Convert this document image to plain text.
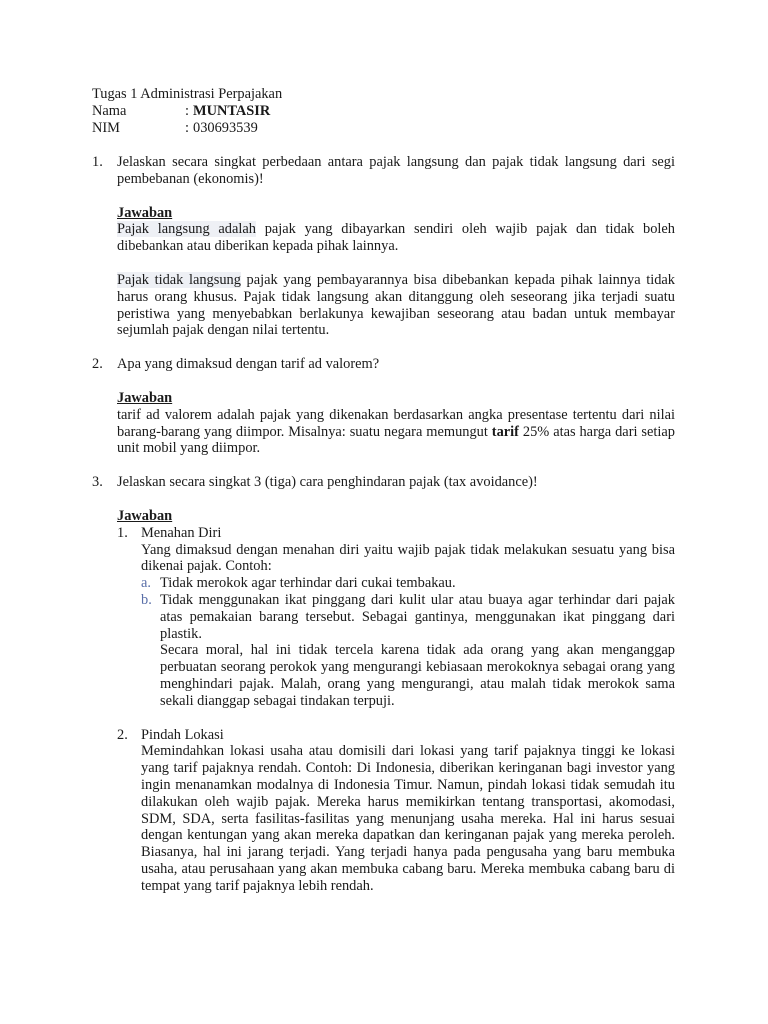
Tugas 1 Administrasi Perpajakan
Nama	: MUNTASIR
NIM	: 030693539
1. Jelaskan secara singkat perbedaan antara pajak langsung dan pajak tidak langsung dari segi pembebanan (ekonomis)!

Jawaban

Pajak langsung adalah pajak yang dibayarkan sendiri oleh wajib pajak dan tidak boleh dibebankan atau diberikan kepada pihak lainnya.

Pajak tidak langsung pajak yang pembayarannya bisa dibebankan kepada pihak lainnya tidak harus orang khusus. Pajak tidak langsung akan ditanggung oleh seseorang jika terjadi suatu peristiwa yang menyebabkan berlakunya kewajiban seseorang atau badan untuk membayar sejumlah pajak dengan nilai tertentu.

2. Apa yang dimaksud dengan tarif ad valorem?

Jawaban

tarif ad valorem adalah pajak yang dikenakan berdasarkan angka presentase tertentu dari nilai barang-barang yang diimpor. Misalnya: suatu negara memungut tarif 25% atas harga dari setiap unit mobil yang diimpor.

3. Jelaskan secara singkat 3 (tiga) cara penghindaran pajak (tax avoidance)!

Jawaban
1. Menahan Diri

Yang dimaksud dengan menahan diri yaitu wajib pajak tidak melakukan sesuatu yang bisa dikenai pajak. Contoh:

a. Tidak merokok agar terhindar dari cukai tembakau.
b. Tidak menggunakan ikat pinggang dari kulit ular atau buaya agar terhindar dari pajak atas pemakaian barang tersebut. Sebagai gantinya, menggunakan ikat pinggang dari plastik.

Secara moral, hal ini tidak tercela karena tidak ada orang yang akan menganggap perbuatan seorang perokok yang mengurangi kebiasaan merokoknya sebagai orang yang menghindari pajak. Malah, orang yang mengurangi, atau malah tidak merokok sama sekali dianggap sebagai tindakan terpuji.

2. Pindah Lokasi

Memindahkan lokasi usaha atau domisili dari lokasi yang tarif pajaknya tinggi ke lokasi yang tarif pajaknya rendah. Contoh: Di Indonesia, diberikan keringanan bagi investor yang ingin menanamkan modalnya di Indonesia Timur. Namun, pindah lokasi tidak semudah itu dilakukan oleh wajib pajak. Mereka harus memikirkan tentang transportasi, akomodasi, SDM, SDA, serta fasilitas-fasilitas yang menunjang usaha mereka. Hal ini harus sesuai dengan kentungan yang akan mereka dapatkan dan keringanan pajak yang mereka peroleh. Biasanya, hal ini jarang terjadi. Yang terjadi hanya pada pengusaha yang baru membuka usaha, atau perusahaan yang akan membuka cabang baru. Mereka membuka cabang baru di tempat yang tarif pajaknya lebih rendah.
